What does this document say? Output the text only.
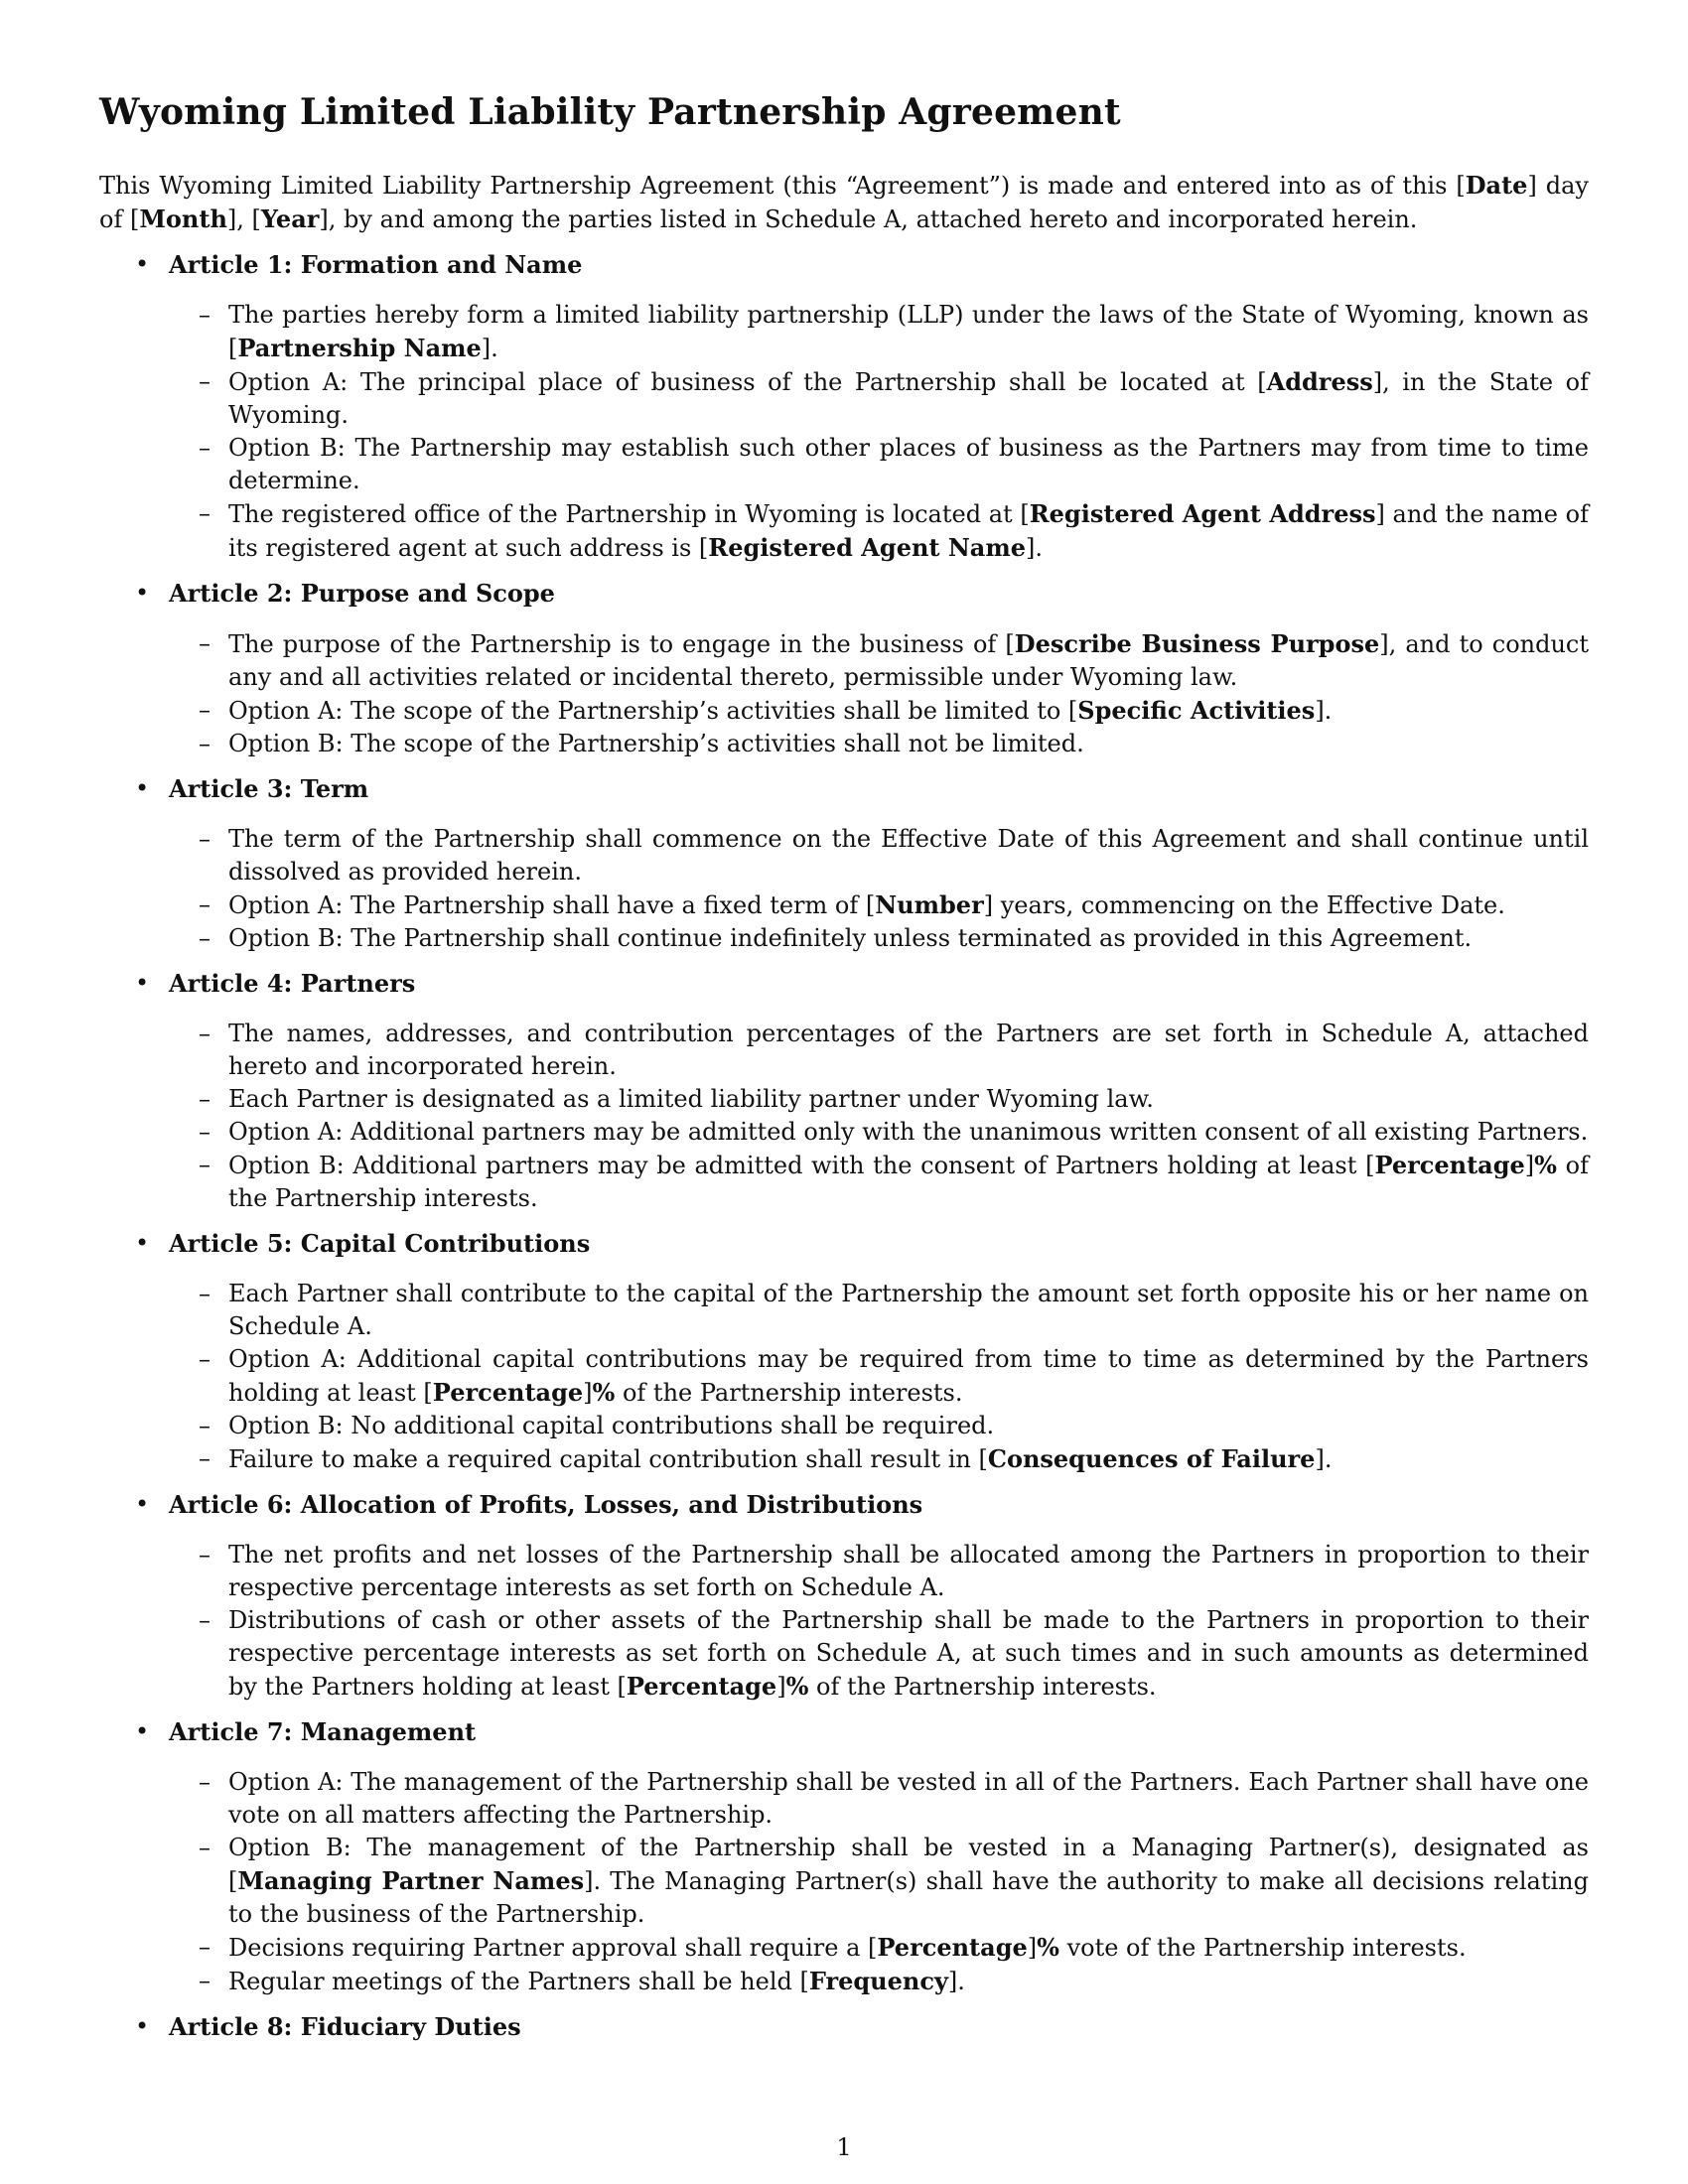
Wyoming Limited Liability Partnership Agreement

This Wyoming Limited Liability Partnership Agreement (this “Agreement”) is made and entered into as of this [Date] day of [Month], [Year], by and among the parties listed in Schedule A, attached hereto and incorporated herein.

• Article 1: Formation and Name
– The parties hereby form a limited liability partnership (LLP) under the laws of the State of Wyoming, known as [Partnership Name].
– Option A: The principal place of business of the Partnership shall be located at [Address], in the State of Wyoming.
– Option B: The Partnership may establish such other places of business as the Partners may from time to time determine.
– The registered office of the Partnership in Wyoming is located at [Registered Agent Address] and the name of its registered agent at such address is [Registered Agent Name].
• Article 2: Purpose and Scope
– The purpose of the Partnership is to engage in the business of [Describe Business Purpose], and to conduct any and all activities related or incidental thereto, permissible under Wyoming law.
– Option A: The scope of the Partnership’s activities shall be limited to [Specific Activities].
– Option B: The scope of the Partnership’s activities shall not be limited.
• Article 3: Term
– The term of the Partnership shall commence on the Effective Date of this Agreement and shall continue until dissolved as provided herein.
– Option A: The Partnership shall have a fixed term of [Number] years, commencing on the Effective Date.
– Option B: The Partnership shall continue indefinitely unless terminated as provided in this Agreement.
• Article 4: Partners
– The names, addresses, and contribution percentages of the Partners are set forth in Schedule A, attached hereto and incorporated herein.
– Each Partner is designated as a limited liability partner under Wyoming law.
– Option A: Additional partners may be admitted only with the unanimous written consent of all existing Partners.
– Option B: Additional partners may be admitted with the consent of Partners holding at least [Percentage]% of the Partnership interests.
• Article 5: Capital Contributions
– Each Partner shall contribute to the capital of the Partnership the amount set forth opposite his or her name on Schedule A.
– Option A: Additional capital contributions may be required from time to time as determined by the Partners holding at least [Percentage]% of the Partnership interests.
– Option B: No additional capital contributions shall be required.
– Failure to make a required capital contribution shall result in [Consequences of Failure].
• Article 6: Allocation of Profits, Losses, and Distributions
– The net profits and net losses of the Partnership shall be allocated among the Partners in proportion to their respective percentage interests as set forth on Schedule A.
– Distributions of cash or other assets of the Partnership shall be made to the Partners in proportion to their respective percentage interests as set forth on Schedule A, at such times and in such amounts as determined by the Partners holding at least [Percentage]% of the Partnership interests.
• Article 7: Management
– Option A: The management of the Partnership shall be vested in all of the Partners. Each Partner shall have one vote on all matters affecting the Partnership.
– Option B: The management of the Partnership shall be vested in a Managing Partner(s), designated as [Managing Partner Names]. The Managing Partner(s) shall have the authority to make all decisions relating to the business of the Partnership.
– Decisions requiring Partner approval shall require a [Percentage]% vote of the Partnership interests.
– Regular meetings of the Partners shall be held [Frequency].
• Article 8: Fiduciary Duties
1
